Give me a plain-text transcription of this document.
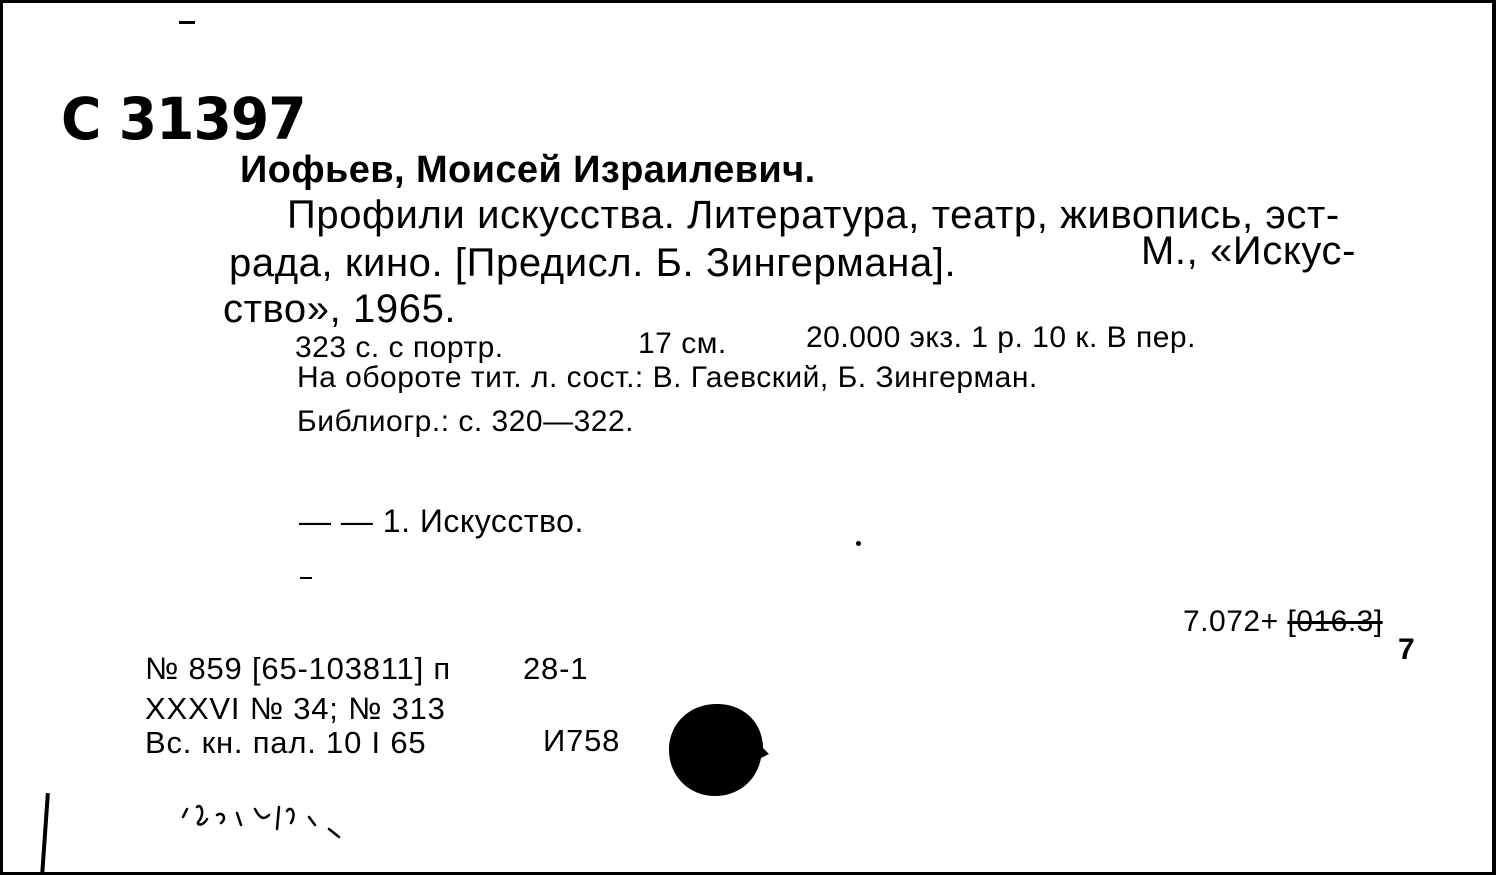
С 31397
Иофьев, Моисей Израилевич.
Профили искусства. Литература, театр, живопись, эст-
рада, кино. [Предисл. Б. Зингермана].	М., «Искус-
ство», 1965.
323 с. с портр.	17 см.	20.000 экз. 1 р. 10 к. В пер.
На обороте тит. л. сост.: В. Гаевский, Б. Зингерман.
Библиогр.: с. 320—322.
— — 1. Искусство.
7.072+ [016.3]
7
№ 859 [65-103811] п 28-1
XXXVI № 34; № 313
Вс. кн. пал. 10 I 65	И758
